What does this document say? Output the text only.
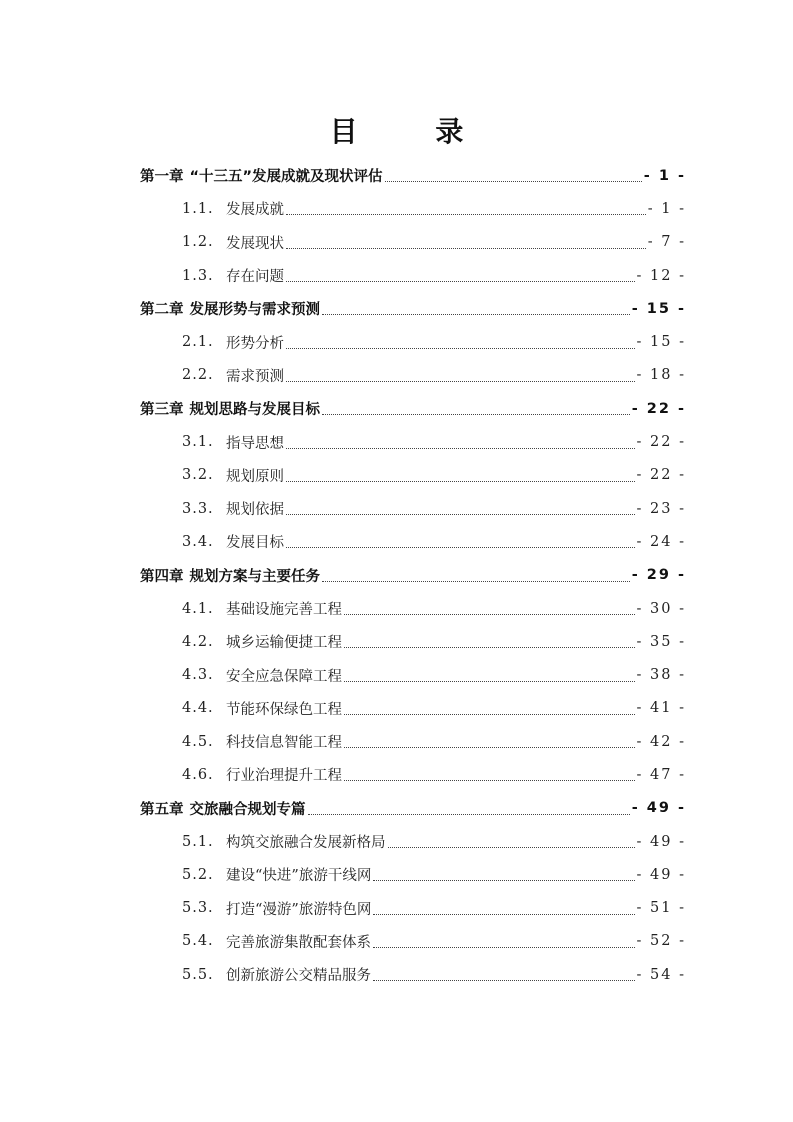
目 录
第一章 “十三五”发展成就及现状评估	- 1 -
1.1. 发展成就	- 1 -
1.2. 发展现状	- 7 -
1.3. 存在问题	- 12 -
第二章 发展形势与需求预测	- 15 -
2.1. 形势分析	- 15 -
2.2. 需求预测	- 18 -
第三章 规划思路与发展目标	- 22 -
3.1. 指导思想	- 22 -
3.2. 规划原则	- 22 -
3.3. 规划依据	- 23 -
3.4. 发展目标	- 24 -
第四章 规划方案与主要任务	- 29 -
4.1. 基础设施完善工程	- 30 -
4.2. 城乡运输便捷工程	- 35 -
4.3. 安全应急保障工程	- 38 -
4.4. 节能环保绿色工程	- 41 -
4.5. 科技信息智能工程	- 42 -
4.6. 行业治理提升工程	- 47 -
第五章 交旅融合规划专篇	- 49 -
5.1. 构筑交旅融合发展新格局	- 49 -
5.2. 建设“快进”旅游干线网	- 49 -
5.3. 打造“漫游”旅游特色网	- 51 -
5.4. 完善旅游集散配套体系	- 52 -
5.5. 创新旅游公交精品服务	- 54 -
